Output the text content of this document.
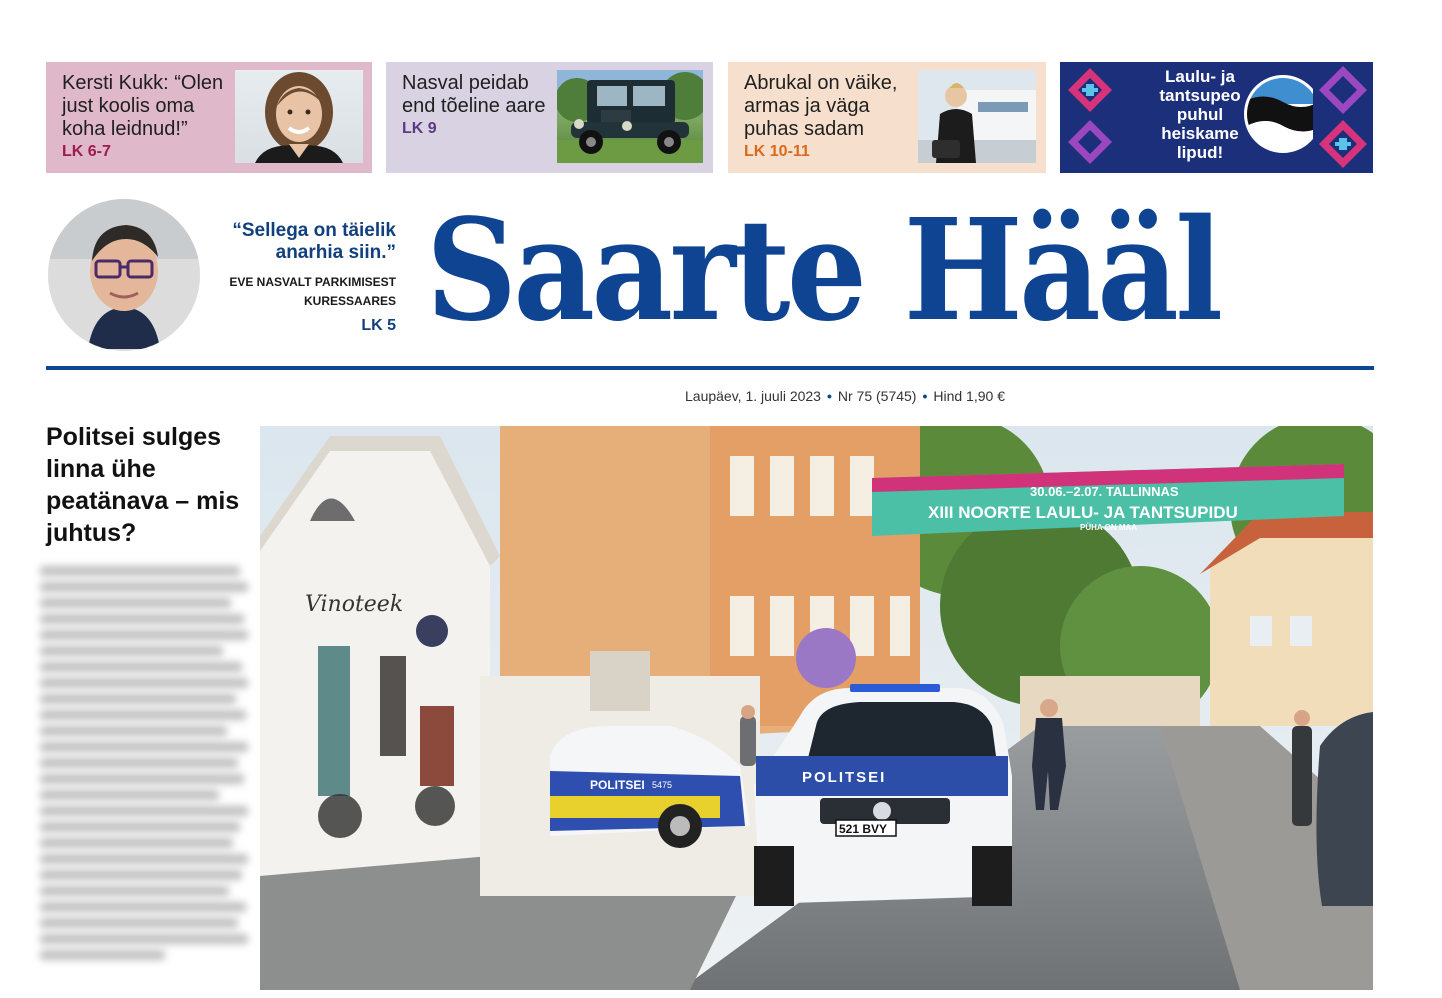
Kersti Kukk: “Olen just koolis oma koha leidnud!”
LK 6-7
Nasval peidab end tõeline aare
LK 9
Abrukal on väike, armas ja väga puhas sadam
LK 10-11
Laulu- ja tantsupeo puhul heiskame lipud!
“Sellega on täielik anarhia siin.”
EVE NASVALT PARKIMISEST KURESSAARES
LK 5 Saarte Hääl
Laupäev, 1. juuli 2023 • Nr 75 (5745) • Hind 1,90 €
Politsei sulges linna ühe peatänava – mis juhtus?
Vinoteek
30.06.–2.07. TALLINNAS
XIII NOORTE LAULU- JA TANTSUPIDU
PÜHA ON MAA
POLITSEI 5475	POLITSEI
521 BVY
